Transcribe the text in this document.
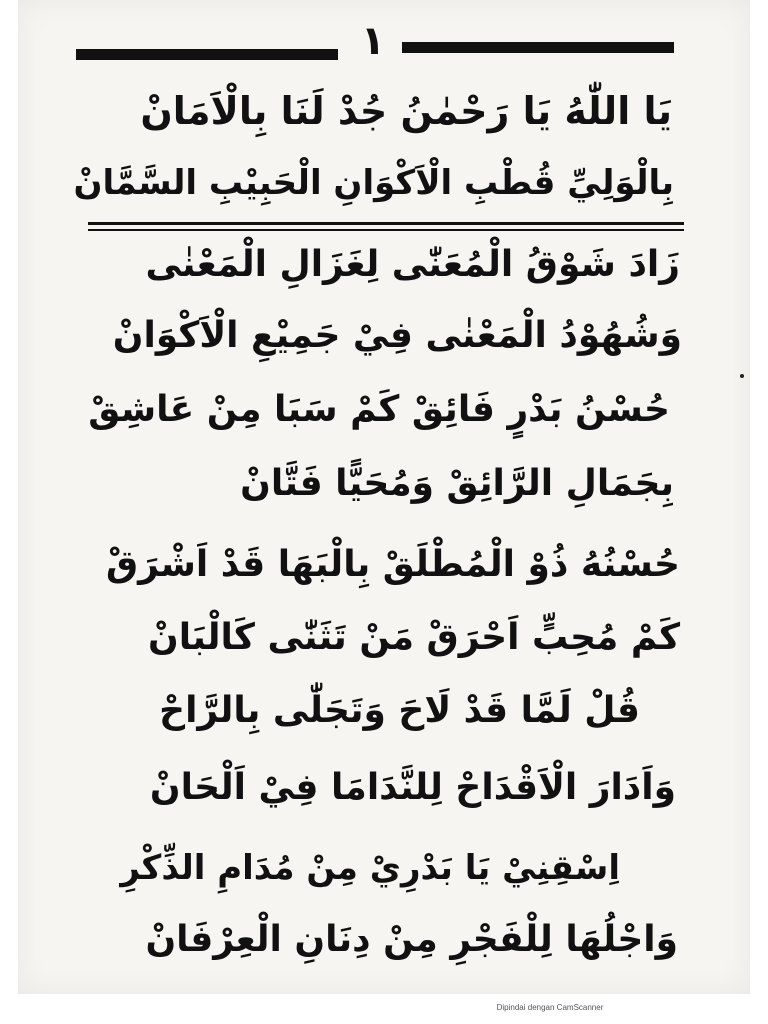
١
يَا اللّٰهُ يَا رَحْمٰنُ جُدْ لَنَا بِالْاَمَانْ
بِالْوَلِيِّ قُطْبِ الْاَكْوَانِ الْحَبِيْبِ السَّمَّانْ
زَادَ شَوْقُ الْمُعَنّٰى لِغَزَالِ الْمَعْنٰى
وَشُهُوْدُ الْمَعْنٰى فِيْ جَمِيْعِ الْاَكْوَانْ
حُسْنُ بَدْرٍ فَائِقْ كَمْ سَبَا مِنْ عَاشِقْ
بِجَمَالِ الرَّائِقْ وَمُحَيًّا فَتَّانْ
حُسْنُهُ ذُوْ الْمُطْلَقْ بِالْبَهَا قَدْ اَشْرَقْ
كَمْ مُحِبٍّ اَحْرَقْ مَنْ تَثَنّٰى كَالْبَانْ
قُلْ لَمَّا قَدْ لَاحَ وَتَجَلّٰى بِالرَّاحْ
وَاَدَارَ الْاَقْدَاحْ لِلنَّدَامَا فِيْ اَلْحَانْ
اِسْقِنِيْ يَا بَدْرِيْ مِنْ مُدَامِ الذِّكْرِ
وَاجْلُهَا لِلْفَجْرِ مِنْ دِنَانِ الْعِرْفَانْ
Dipindai dengan CamScanner
